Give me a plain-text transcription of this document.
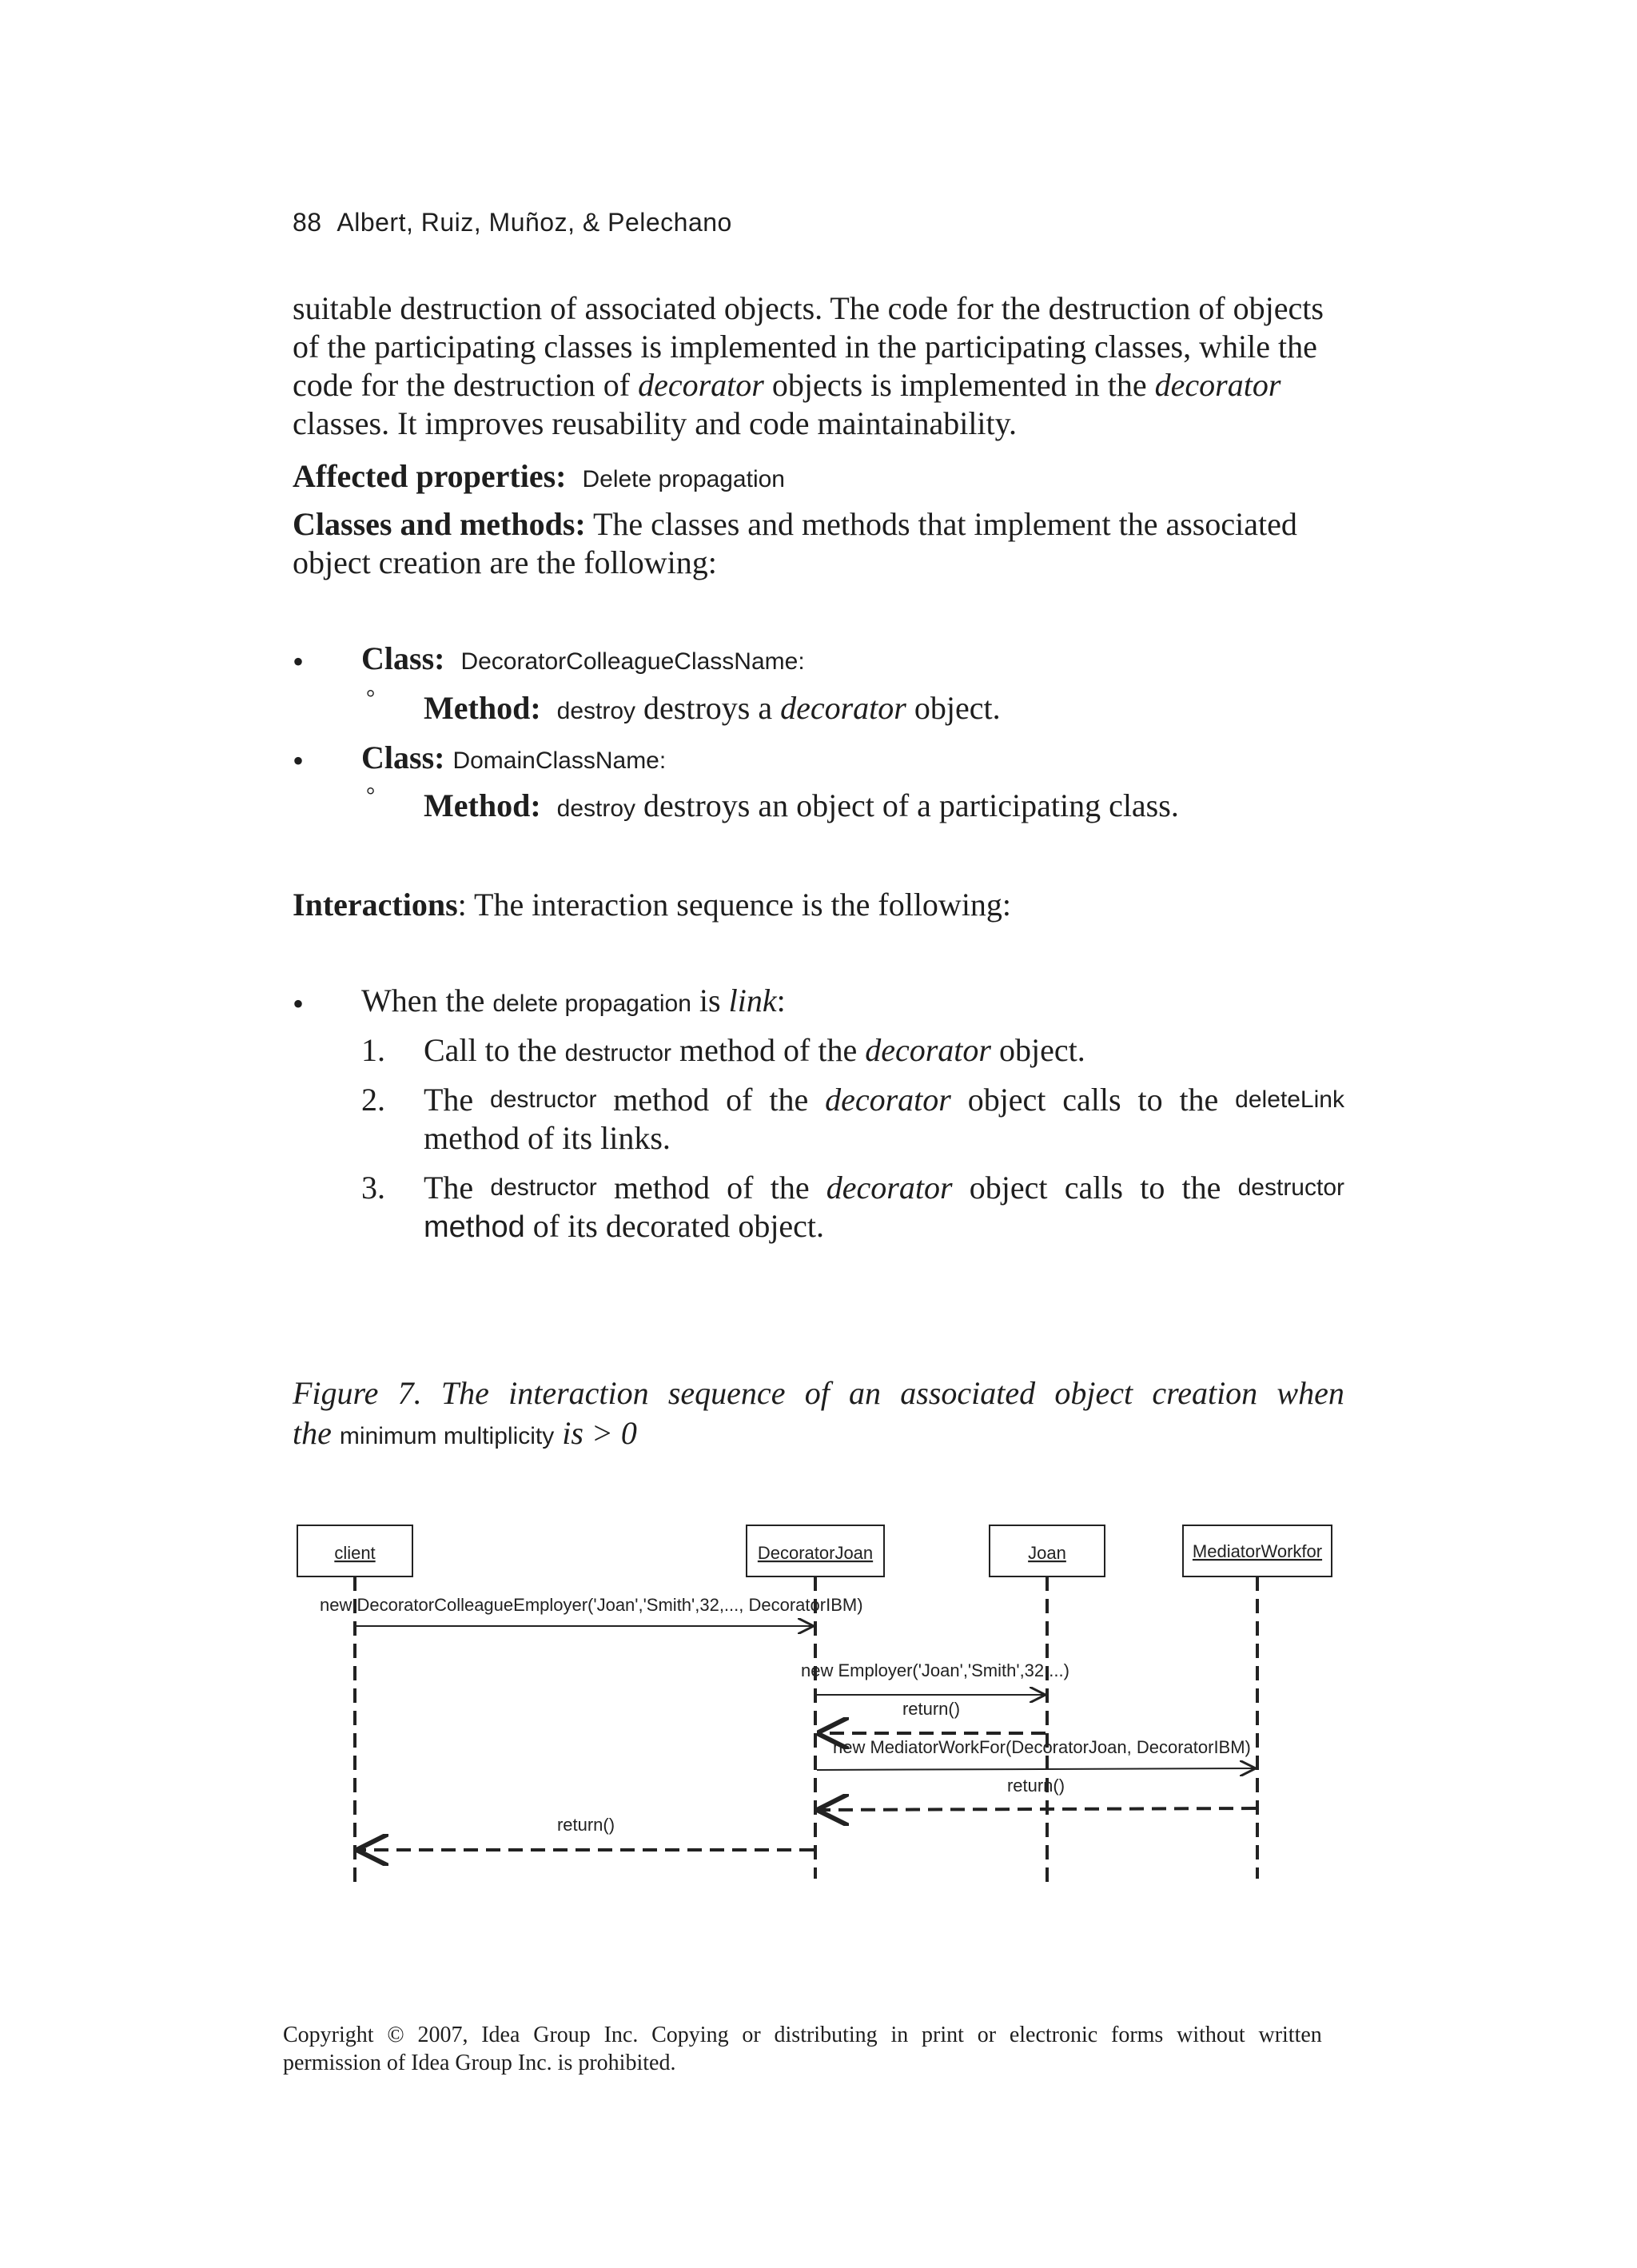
88 Albert, Ruiz, Muñoz, & Pelechano
suitable destruction of associated objects. The code for the destruction of objects
of the participating classes is implemented in the participating classes, while the
code for the destruction of decorator objects is implemented in the decorator
classes. It improves reusability and code maintainability.
Affected properties: Delete propagation
Classes and methods: The classes and methods that implement the associated
object creation are the following:
• Class: DecoratorColleagueClassName:
° Method: destroy destroys a decorator object.
• Class: DomainClassName:
° Method: destroy destroys an object of a participating class.
Interactions: The interaction sequence is the following:
• When the delete propagation is link:
1. Call to the destructor method of the decorator object.
2. The destructor method of the decorator object calls to the deleteLink
method of its links.
3. The destructor method of the decorator object calls to the destructor
method of its decorated object.
Figure 7. The interaction sequence of an associated object creation when
the minimum multiplicity is > 0
client	DecoratorJoan	Joan	MediatorWorkfor
new DecoratorColleagueEmployer('Joan','Smith',32,..., DecoratorIBM)
new Employer('Joan','Smith',32,...)
return()
new MediatorWorkFor(DecoratorJoan, DecoratorIBM)
return()
return()
Copyright © 2007, Idea Group Inc. Copying or distributing in print or electronic forms without written
permission of Idea Group Inc. is prohibited.
